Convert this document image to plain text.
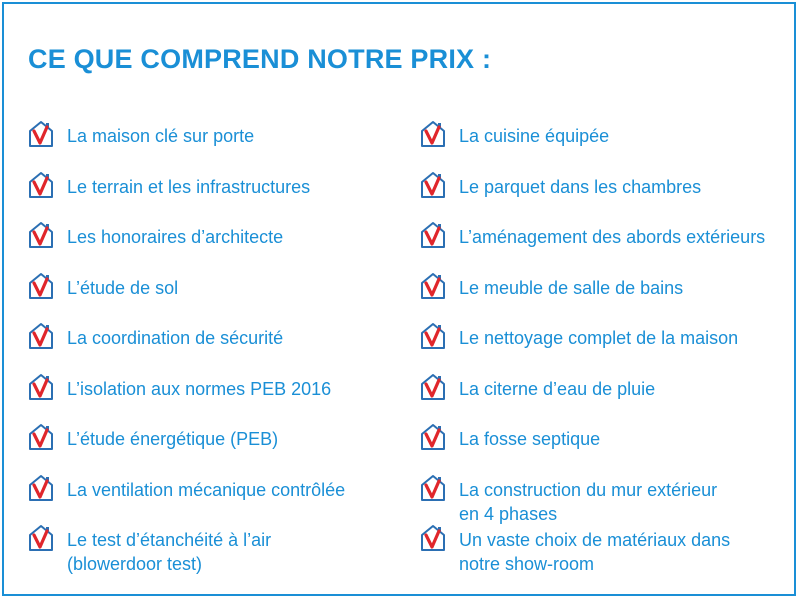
CE QUE COMPREND NOTRE PRIX :
La maison clé sur porte
Le terrain et les infrastructures
Les honoraires d’architecte
L’étude de sol
La coordination de sécurité
L’isolation aux normes PEB 2016
L’étude énergétique (PEB)
La ventilation mécanique contrôlée
Le test d’étanchéité à l’air
(blowerdoor test)
La cuisine équipée
Le parquet dans les chambres
L’aménagement des abords extérieurs
Le meuble de salle de bains
Le nettoyage complet de la maison
La citerne d’eau de pluie
La fosse septique
La construction du mur extérieur
en 4 phases
Un vaste choix de matériaux dans
notre show-room
